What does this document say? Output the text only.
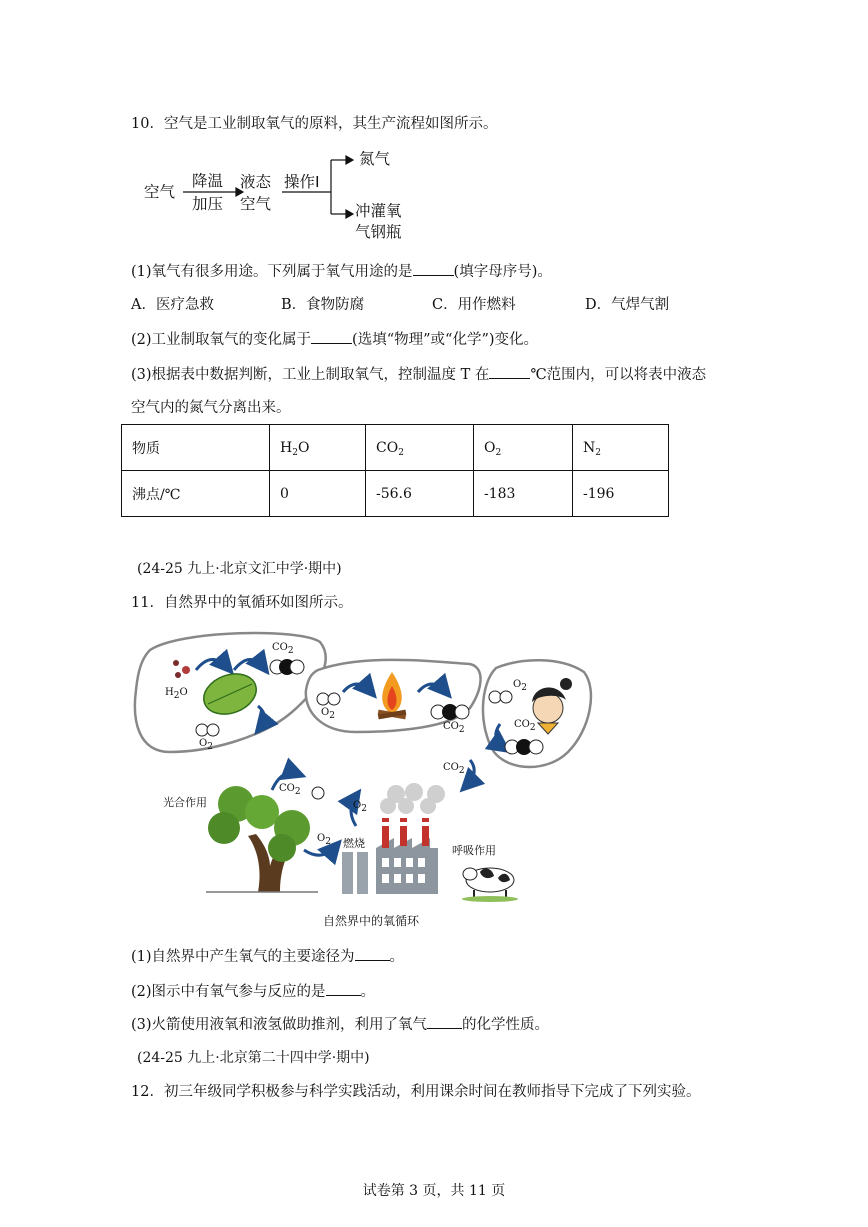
10．空气是工业制取氧气的原料，其生产流程如图所示。
空气
降温
加压
液态
空气
操作Ⅰ
氮气
冲灌氧
气钢瓶
(1)氧气有很多用途。下列属于氧气用途的是	(填字母序号)。
A．医疗急救	B．食物防腐	C．用作燃料	D．气焊气割
(2)工业制取氧气的变化属于	(选填“物理”或“化学”)变化。
(3)根据表中数据判断，工业上制取氧气，控制温度 T 在	℃范围内，可以将表中液态
空气内的氮气分离出来。
物质	$H_2O$	$CO_2$	$O_2$	$N_2$
沸点/℃	0	-56.6	-183	-196
(24-25 九上·北京文汇中学·期中)
11．自然界中的氧循环如图所示。
$H_2O$
$CO_2$
$O_2$
$O_2$
$CO_2$
$O_2$
$CO_2$
$CO_2$
$CO_2$
$O_2$
$O_2$
光合作用
燃烧
呼吸作用
自然界中的氧循环
(1)自然界中产生氧气的主要途径为 。
(2)图示中有氧气参与反应的是 。
(3)火箭使用液氧和液氢做助推剂，利用了氧气 的化学性质。
(24-25 九上·北京第二十四中学·期中)
12．初三年级同学积极参与科学实践活动，利用课余时间在教师指导下完成了下列实验。
试卷第 3 页，共 11 页
